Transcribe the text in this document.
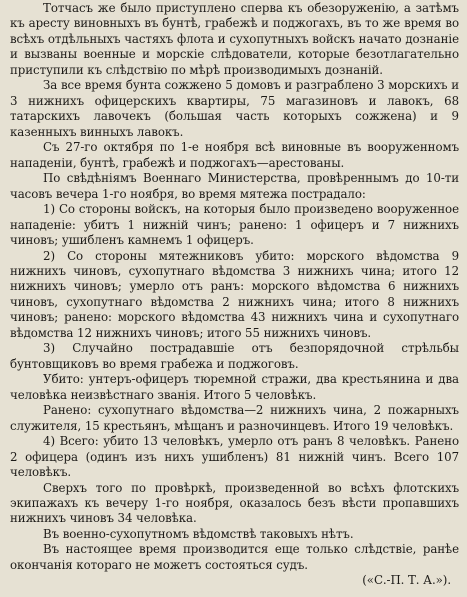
Тотчасъ же было приступлено сперва къ обезоруженію, а затѣмъ къ аресту виновныхъ въ бунтѣ, грабежѣ и поджогахъ, въ то же время во всѣхъ отдѣльныхъ частяхъ флота и сухопутныхъ войскъ начато дознаніе и вызваны военные и морскіе слѣдователи, которые безотлагательно приступили къ слѣдствію по мѣрѣ производимыхъ дознаній.

За все время бунта сожжено 5 домовъ и разграблено 3 морскихъ и 3 нижнихъ офицерскихъ квартиры, 75 магазиновъ и лавокъ, 68 татарскихъ лавочекъ (большая часть которыхъ сожжена) и 9 казенныхъ винныхъ лавокъ.

Съ 27-го октября по 1-е ноября всѣ виновные въ вооруженномъ нападеніи, бунтѣ, грабежѣ и поджогахъ—арестованы.

По свѣдѣніямъ Военнаго Министерства, провѣреннымъ до 10-ти часовъ вечера 1-го ноября, во время мятежа пострадало:

1) Со стороны войскъ, на которыя было произведено вооруженное нападеніе: убитъ 1 нижній чинъ; ранено: 1 офицеръ и 7 нижнихъ чиновъ; ушибленъ камнемъ 1 офицеръ.

2) Со стороны мятежниковъ убито: морского вѣдомства 9 нижнихъ чиновъ, сухопутнаго вѣдомства 3 нижнихъ чина; итого 12 нижнихъ чиновъ; умерло отъ ранъ: морского вѣдомства 6 нижнихъ чиновъ, сухопутнаго вѣдомства 2 нижнихъ чина; итого 8 нижнихъ чиновъ; ранено: морского вѣдомства 43 нижнихъ чина и сухопутнаго вѣдомства 12 нижнихъ чиновъ; итого 55 нижнихъ чиновъ.

3) Случайно пострадавшіе отъ безпорядочной стрѣльбы бунтовщиковъ во время грабежа и поджоговъ.

Убито: унтеръ-офицеръ тюремной стражи, два крестьянина и два человѣка неизвѣстнаго званія. Итого 5 человѣкъ.

Ранено: сухопутнаго вѣдомства—2 нижнихъ чина, 2 пожарныхъ служителя, 15 крестьянъ, мѣщанъ и разночинцевъ. Итого 19 человѣкъ.

4) Всего: убито 13 человѣкъ, умерло отъ ранъ 8 человѣкъ. Ранено 2 офицера (одинъ изъ нихъ ушибленъ) 81 нижній чинъ. Всего 107 человѣкъ.

Сверхъ того по провѣркѣ, произведенной во всѣхъ флотскихъ экипажахъ къ вечеру 1-го ноября, оказалось безъ вѣсти пропавшихъ нижнихъ чиновъ 34 человѣка.

Въ военно-сухопутномъ вѣдомствѣ таковыхъ нѣтъ.

Въ настоящее время производится еще только слѣдствіе, ранѣе окончанія котораго не можетъ состояться судъ.

(«С.-П. Т. А.»).
